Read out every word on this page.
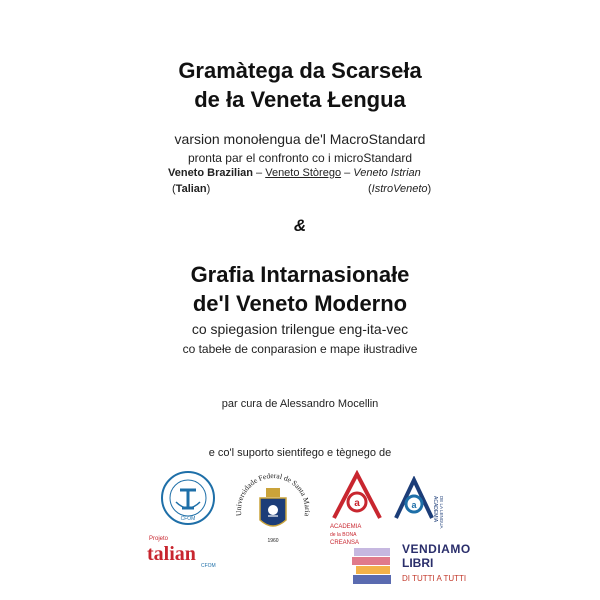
Gramàtega da Scarseła
de ła Veneta Łengua
varsion monołengua de'l MacroStandard
pronta par el confronto co i microStandard
Veneto Brazilian – Veneto Stòrego – Veneto Istrian
(Talian)	(IstroVeneto)
&
Grafia Intarnasionałe
de'l Veneto Moderno
co spiegasion trilengue eng-ita-vec
co tabełe de conparasion e mape iłustradive
par cura de Alessandro Mocellin
e co'l suporto sientifego e tègnego de
CFOM
Projeto
talian
CFOM
Universidade Federal de Santa Maria
1960
a
ACADEMIA
de la BONA
CREANSA
a	ACADEMIA DE LA LENGUA
VENDIAMO
LIBRI
DI TUTTI A TUTTI
